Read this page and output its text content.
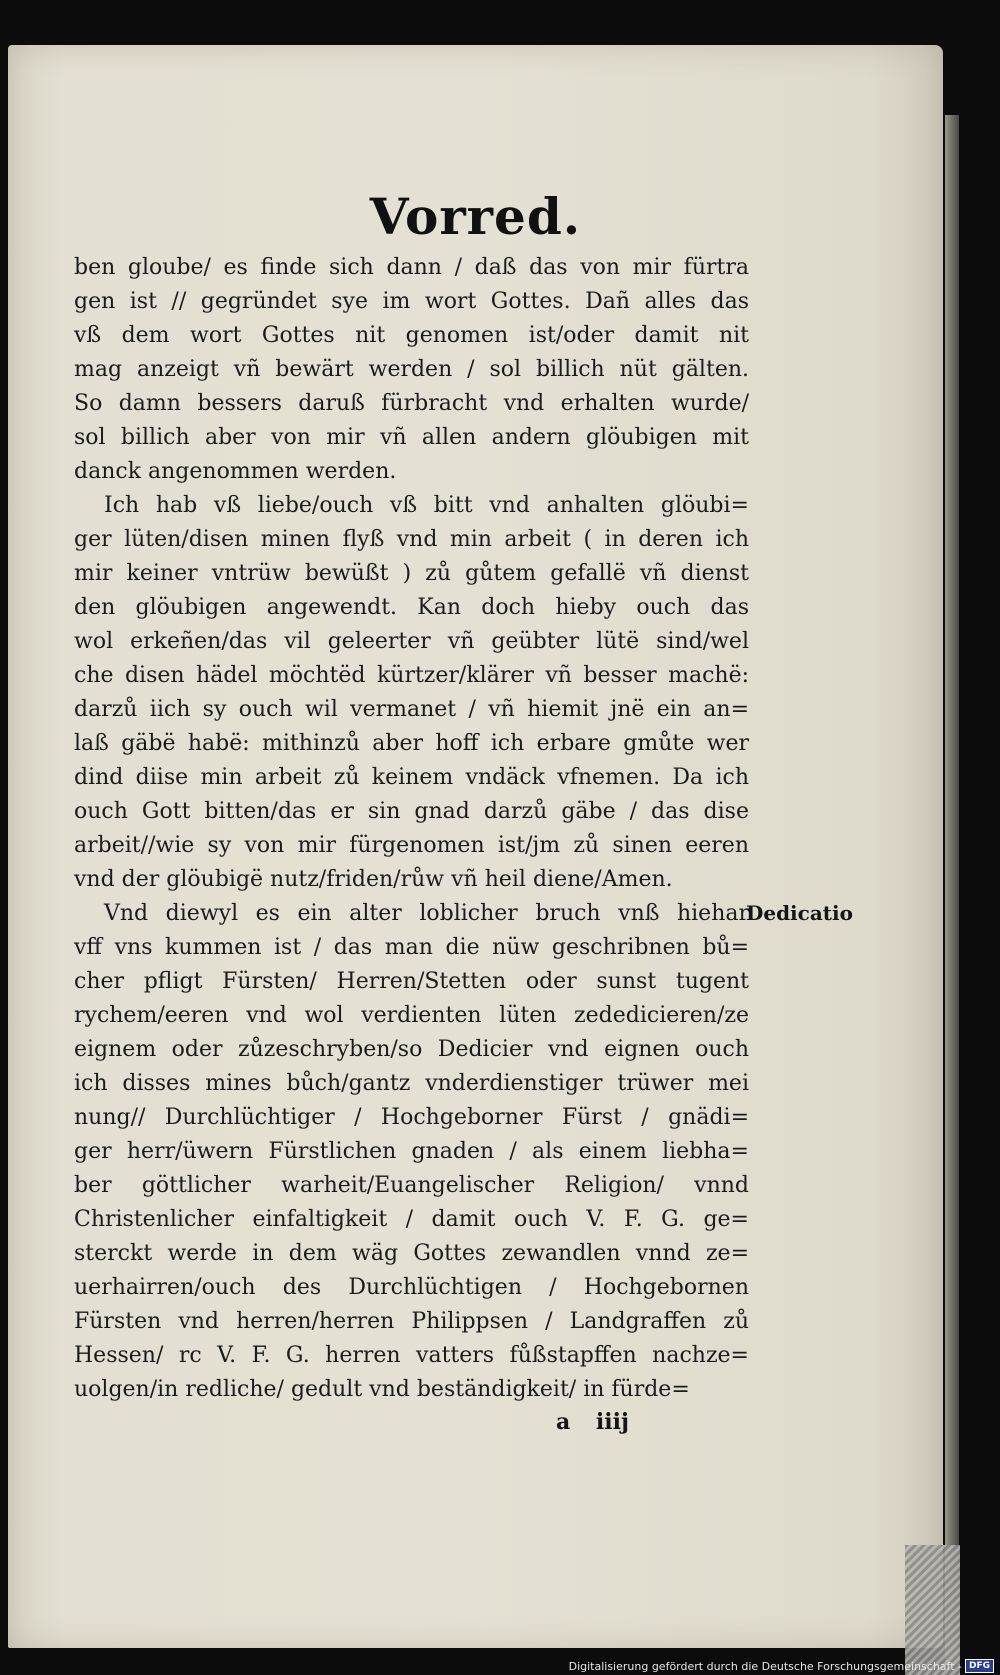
Vorred.
ben gloube/ es finde sich dann / daß das von mir fürtra
gen ist // gegründet sye im wort Gottes. Dañ alles das
vß dem wort Gottes nit genomen ist/oder damit nit
mag anzeigt vñ bewärt werden / sol billich nüt gälten.
So damn bessers daruß fürbracht vnd erhalten wurde/
sol billich aber von mir vñ allen andern glöubigen mit
danck angenommen werden.
Ich hab vß liebe/ouch vß bitt vnd anhalten glöubi=
ger lüten/disen minen flyß vnd min arbeit ( in deren ich
mir keiner vntrüw bewüßt ) zů gůtem gefallë vñ dienst
den glöubigen angewendt. Kan doch hieby ouch das
wol erkeñen/das vil geleerter vñ geübter lütë sind/wel
che disen hädel möchtëd kürtzer/klärer vñ besser machë:
darzů iich sy ouch wil vermanet / vñ hiemit jnë ein an=
laß gäbë habë: mithinzů aber hoff ich erbare gmůte wer
dind diise min arbeit zů keinem vndäck vfnemen. Da ich
ouch Gott bitten/das er sin gnad darzů gäbe / das dise
arbeit//wie sy von mir fürgenomen ist/jm zů sinen eeren
vnd der glöubigë nutz/friden/růw vñ heil diene/Amen.
Vnd diewyl es ein alter loblicher bruch vnß hiehar
vff vns kummen ist / das man die nüw geschribnen bů=
cher pfligt Fürsten/ Herren/Stetten oder sunst tugent
rychem/eeren vnd wol verdienten lüten zededicieren/ze
eignem oder zůzeschryben/so Dedicier vnd eignen ouch
ich disses mines bůch/gantz vnderdienstiger trüwer mei
nung// Durchlüchtiger / Hochgeborner Fürst / gnädi=
ger herr/üwern Fürstlichen gnaden / als einem liebha=
ber göttlicher warheit/Euangelischer Religion/ vnnd
Christenlicher einfaltigkeit / damit ouch V. F. G. ge=
sterckt werde in dem wäg Gottes zewandlen vnnd ze=
uerhairren/ouch des Durchlüchtigen / Hochgebornen
Fürsten vnd herren/herren Philippsen / Landgraffen zů
Hessen/ rc V. F. G. herren vatters fůßstapffen nachze=
uolgen/in redliche/ gedult vnd beständigkeit/ in fürde=
Dedicatio
a iiij
Digitalisierung gefördert durch die Deutsche Forschungsgemeinschaft - DFG
